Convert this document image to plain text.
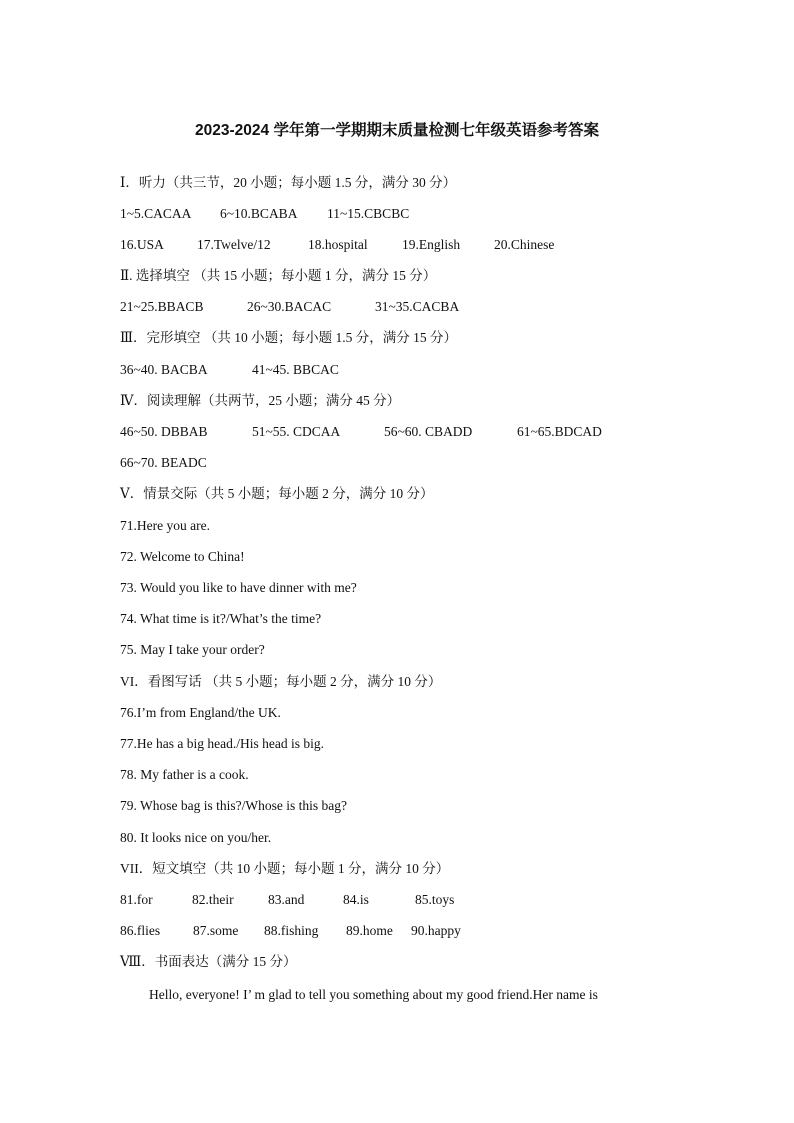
2023-2024 学年第一学期期末质量检测七年级英语参考答案
Ⅰ．听力（共三节，20 小题；每小题 1.5 分，满分 30 分）
1~5.CACAA 6~10.BCABA 11~15.CBCBC
16.USA 17.Twelve/12	18.hospital	19.English	20.Chinese
Ⅱ. 选择填空 （共 15 小题；每小题 1 分，满分 15 分）
21~25.BBACB	26~30.BACAC	31~35.CACBA
Ⅲ．完形填空 （共 10 小题；每小题 1.5 分，满分 15 分）
36~40. BACBA	41~45. BBCAC
Ⅳ．阅读理解（共两节，25 小题；满分 45 分）
46~50. DBBAB	51~55. CDCAA	56~60. CBADD	61~65.BDCAD
66~70. BEADC
Ⅴ．情景交际（共 5 小题；每小题 2 分，满分 10 分）
71.Here you are.
72. Welcome to China!
73. Would you like to have dinner with me?
74. What time is it?/What’s the time?
75. May I take your order?
VI．看图写话 （共 5 小题；每小题 2 分，满分 10 分）
76.I’m from England/the UK.
77.He has a big head./His head is big.
78. My father is a cook.
79. Whose bag is this?/Whose is this bag?
80. It looks nice on you/her.
VII．短文填空（共 10 小题；每小题 1 分，满分 10 分）
81.for	82.their	83.and	84.is	85.toys
86.flies 87.some 88.fishing 89.home 90.happy
Ⅷ．书面表达（满分 15 分）
Hello, everyone! I’ m glad to tell you something about my good friend.Her name is
